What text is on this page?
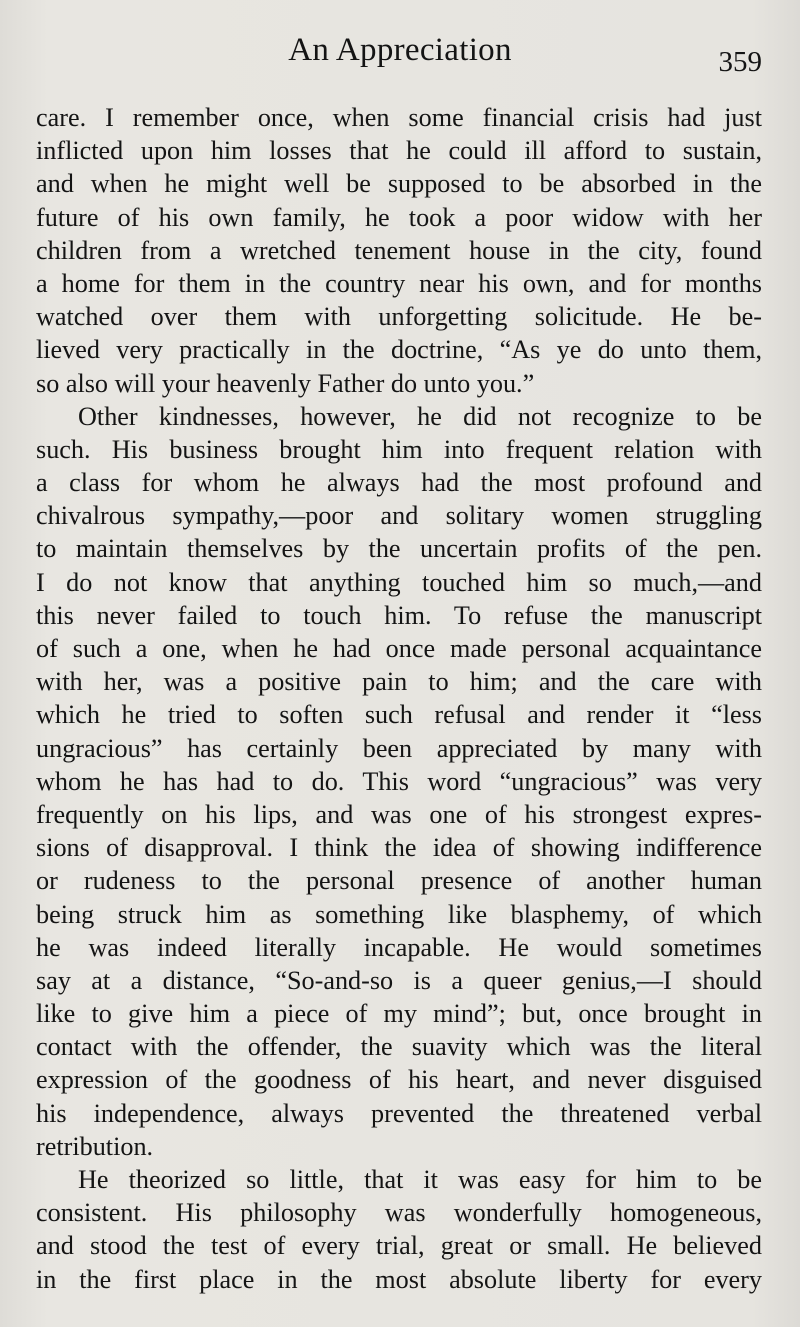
An Appreciation	359
care. I remember once, when some financial crisis had just
inflicted upon him losses that he could ill afford to sustain,
and when he might well be supposed to be absorbed in the
future of his own family, he took a poor widow with her
children from a wretched tenement house in the city, found
a home for them in the country near his own, and for months
watched over them with unforgetting solicitude. He be-
lieved very practically in the doctrine, “As ye do unto them,
so also will your heavenly Father do unto you.”
Other kindnesses, however, he did not recognize to be
such. His business brought him into frequent relation with
a class for whom he always had the most profound and
chivalrous sympathy,—poor and solitary women struggling
to maintain themselves by the uncertain profits of the pen.
I do not know that anything touched him so much,—and
this never failed to touch him. To refuse the manuscript
of such a one, when he had once made personal acquaintance
with her, was a positive pain to him; and the care with
which he tried to soften such refusal and render it “less
ungracious” has certainly been appreciated by many with
whom he has had to do. This word “ungracious” was very
frequently on his lips, and was one of his strongest expres-
sions of disapproval. I think the idea of showing indifference
or rudeness to the personal presence of another human
being struck him as something like blasphemy, of which
he was indeed literally incapable. He would sometimes
say at a distance, “So-and-so is a queer genius,—I should
like to give him a piece of my mind”; but, once brought in
contact with the offender, the suavity which was the literal
expression of the goodness of his heart, and never disguised
his independence, always prevented the threatened verbal
retribution.
He theorized so little, that it was easy for him to be
consistent. His philosophy was wonderfully homogeneous,
and stood the test of every trial, great or small. He believed
in the first place in the most absolute liberty for every
